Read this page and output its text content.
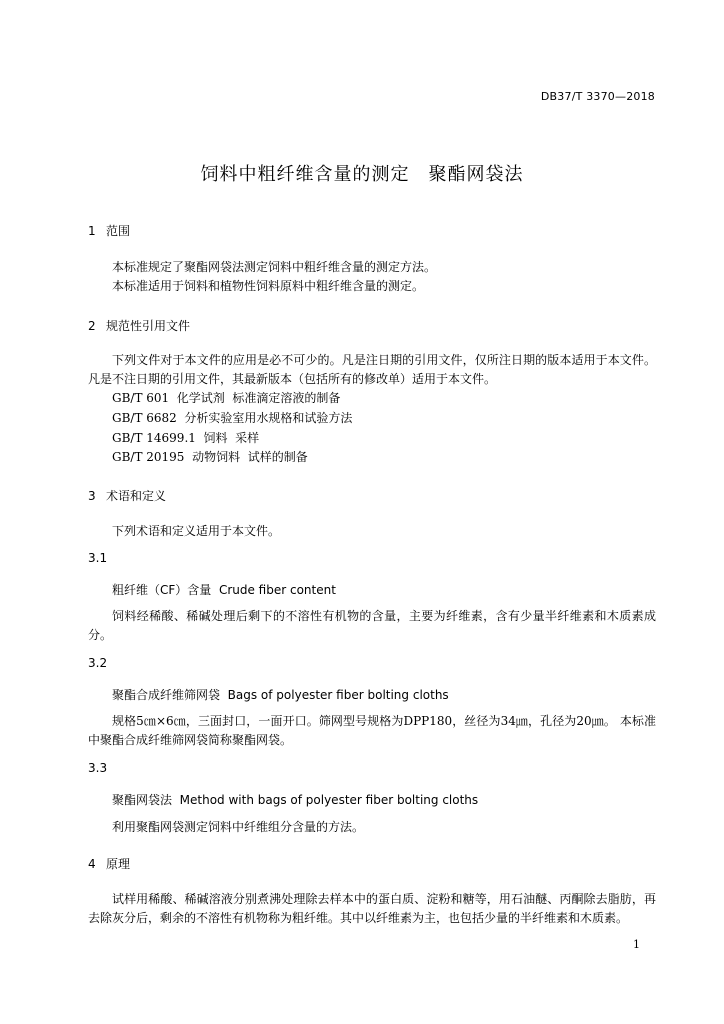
DB37/T 3370—2018
饲料中粗纤维含量的测定　聚酯网袋法
1 范围
本标准规定了聚酯网袋法测定饲料中粗纤维含量的测定方法。
本标准适用于饲料和植物性饲料原料中粗纤维含量的测定。
2 规范性引用文件
下列文件对于本文件的应用是必不可少的。凡是注日期的引用文件，仅所注日期的版本适用于本文件。凡是不注日期的引用文件，其最新版本（包括所有的修改单）适用于本文件。
GB/T 601  化学试剂  标准滴定溶液的制备
GB/T 6682  分析实验室用水规格和试验方法
GB/T 14699.1  饲料  采样
GB/T 20195  动物饲料  试样的制备
3 术语和定义
下列术语和定义适用于本文件。
3.1
粗纤维（CF）含量 Crude fiber content
饲料经稀酸、稀碱处理后剩下的不溶性有机物的含量，主要为纤维素，含有少量半纤维素和木质素成分。
3.2
聚酯合成纤维筛网袋 Bags of polyester fiber bolting cloths
规格5㎝×6㎝，三面封口，一面开口。筛网型号规格为DPP180，丝径为34㎛，孔径为20㎛。 本标准中聚酯合成纤维筛网袋简称聚酯网袋。
3.3
聚酯网袋法 Method with bags of polyester fiber bolting cloths
利用聚酯网袋测定饲料中纤维组分含量的方法。
4 原理
试样用稀酸、稀碱溶液分别煮沸处理除去样本中的蛋白质、淀粉和糖等，用石油醚、丙酮除去脂肪，再去除灰分后，剩余的不溶性有机物称为粗纤维。其中以纤维素为主，也包括少量的半纤维素和木质素。
1
